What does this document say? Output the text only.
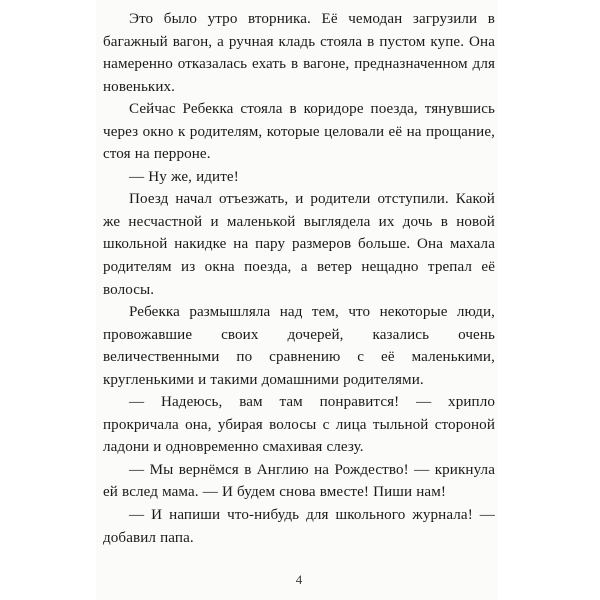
Это было утро вторника. Её чемодан загрузили в багажный вагон, а ручная кладь стояла в пустом купе. Она намеренно отказалась ехать в вагоне, предназначенном для новеньких.

Сейчас Ребекка стояла в коридоре поезда, тянувшись через окно к родителям, которые целовали её на прощание, стоя на перроне.

— Ну же, идите!

Поезд начал отъезжать, и родители отступили. Какой же несчастной и маленькой выглядела их дочь в новой школьной накидке на пару размеров больше. Она махала родителям из окна поезда, а ветер нещадно трепал её волосы.

Ребекка размышляла над тем, что некоторые люди, провожавшие своих дочерей, казались очень величественными по сравнению с её маленькими, кругленькими и такими домашними родителями.

— Надеюсь, вам там понравится! — хрипло прокричала она, убирая волосы с лица тыльной стороной ладони и одновременно смахивая слезу.

— Мы вернёмся в Англию на Рождество! — крикнула ей вслед мама. — И будем снова вместе! Пиши нам!

— И напиши что-нибудь для школьного журнала! — добавил папа.

4
